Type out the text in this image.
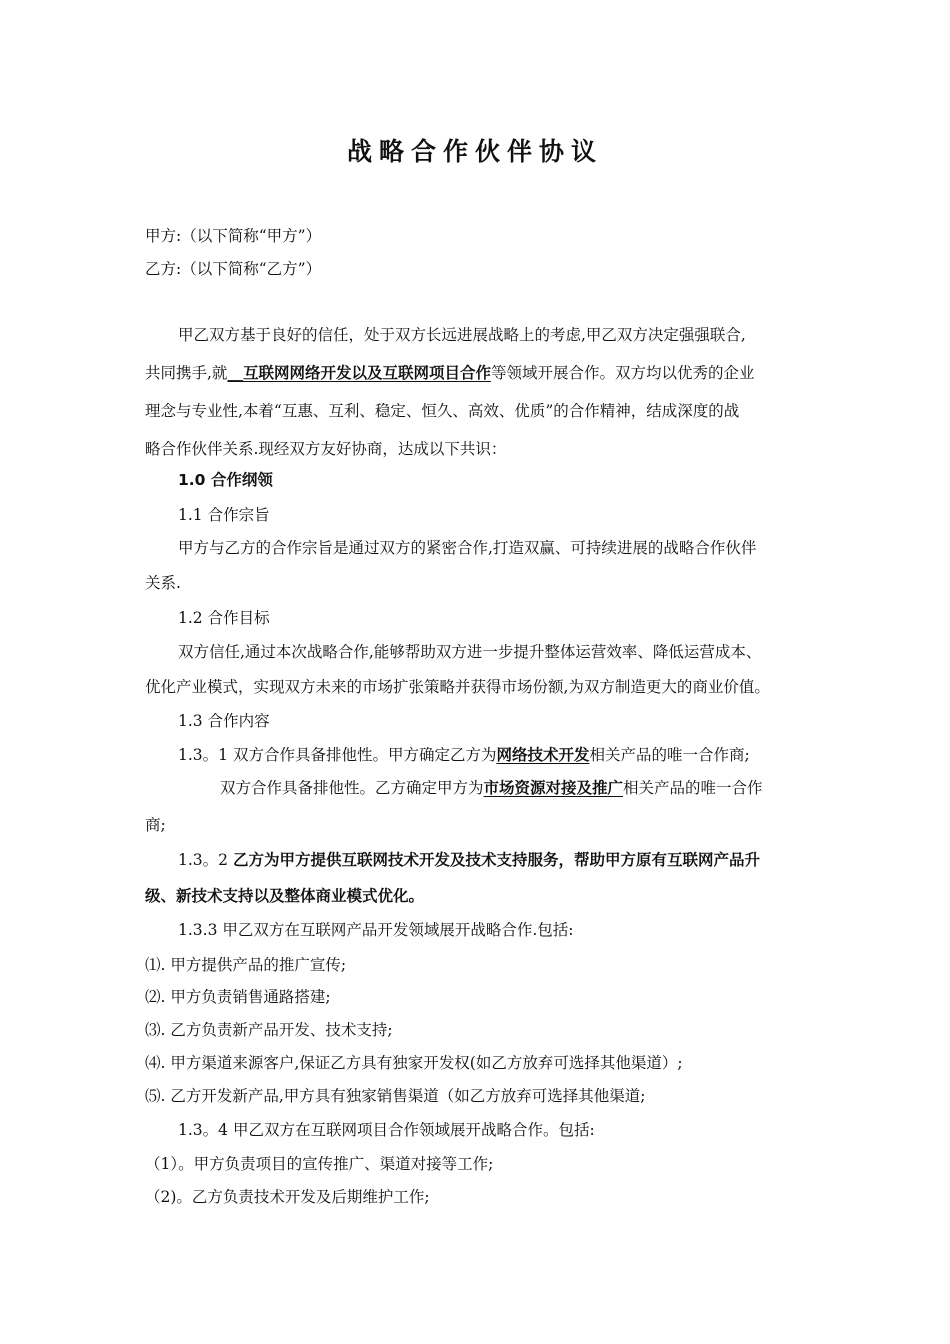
战略合作伙伴协议
甲方:（以下简称“甲方”）
乙方:（以下简称“乙方”）
甲乙双方基于良好的信任，处于双方长远进展战略上的考虑,甲乙双方决定强强联合,
共同携手,就__互联网网络开发以及互联网项目合作等领域开展合作。双方均以优秀的企业
理念与专业性,本着“互惠、互利、稳定、恒久、高效、优质”的合作精神，结成深度的战
略合作伙伴关系.现经双方友好协商，达成以下共识：
1.0 合作纲领
1.1 合作宗旨
甲方与乙方的合作宗旨是通过双方的紧密合作,打造双赢、可持续进展的战略合作伙伴
关系.
1.2 合作目标
双方信任,通过本次战略合作,能够帮助双方进一步提升整体运营效率、降低运营成本、
优化产业模式，实现双方未来的市场扩张策略并获得市场份额,为双方制造更大的商业价值。
1.3 合作内容
1.3。1 双方合作具备排他性。甲方确定乙方为网络技术开发相关产品的唯一合作商;
双方合作具备排他性。乙方确定甲方为市场资源对接及推广相关产品的唯一合作
商;
1.3。2 乙方为甲方提供互联网技术开发及技术支持服务，帮助甲方原有互联网产品升
级、新技术支持以及整体商业模式优化。
1.3.3 甲乙双方在互联网产品开发领域展开战略合作.包括:
⑴. 甲方提供产品的推广宣传;
⑵. 甲方负责销售通路搭建;
⑶. 乙方负责新产品开发、技术支持;
⑷. 甲方渠道来源客户,保证乙方具有独家开发权(如乙方放弃可选择其他渠道）;
⑸. 乙方开发新产品,甲方具有独家销售渠道（如乙方放弃可选择其他渠道;
1.3。4 甲乙双方在互联网项目合作领域展开战略合作。包括:
（1）。甲方负责项目的宣传推广、渠道对接等工作;
（2)。乙方负责技术开发及后期维护工作;
